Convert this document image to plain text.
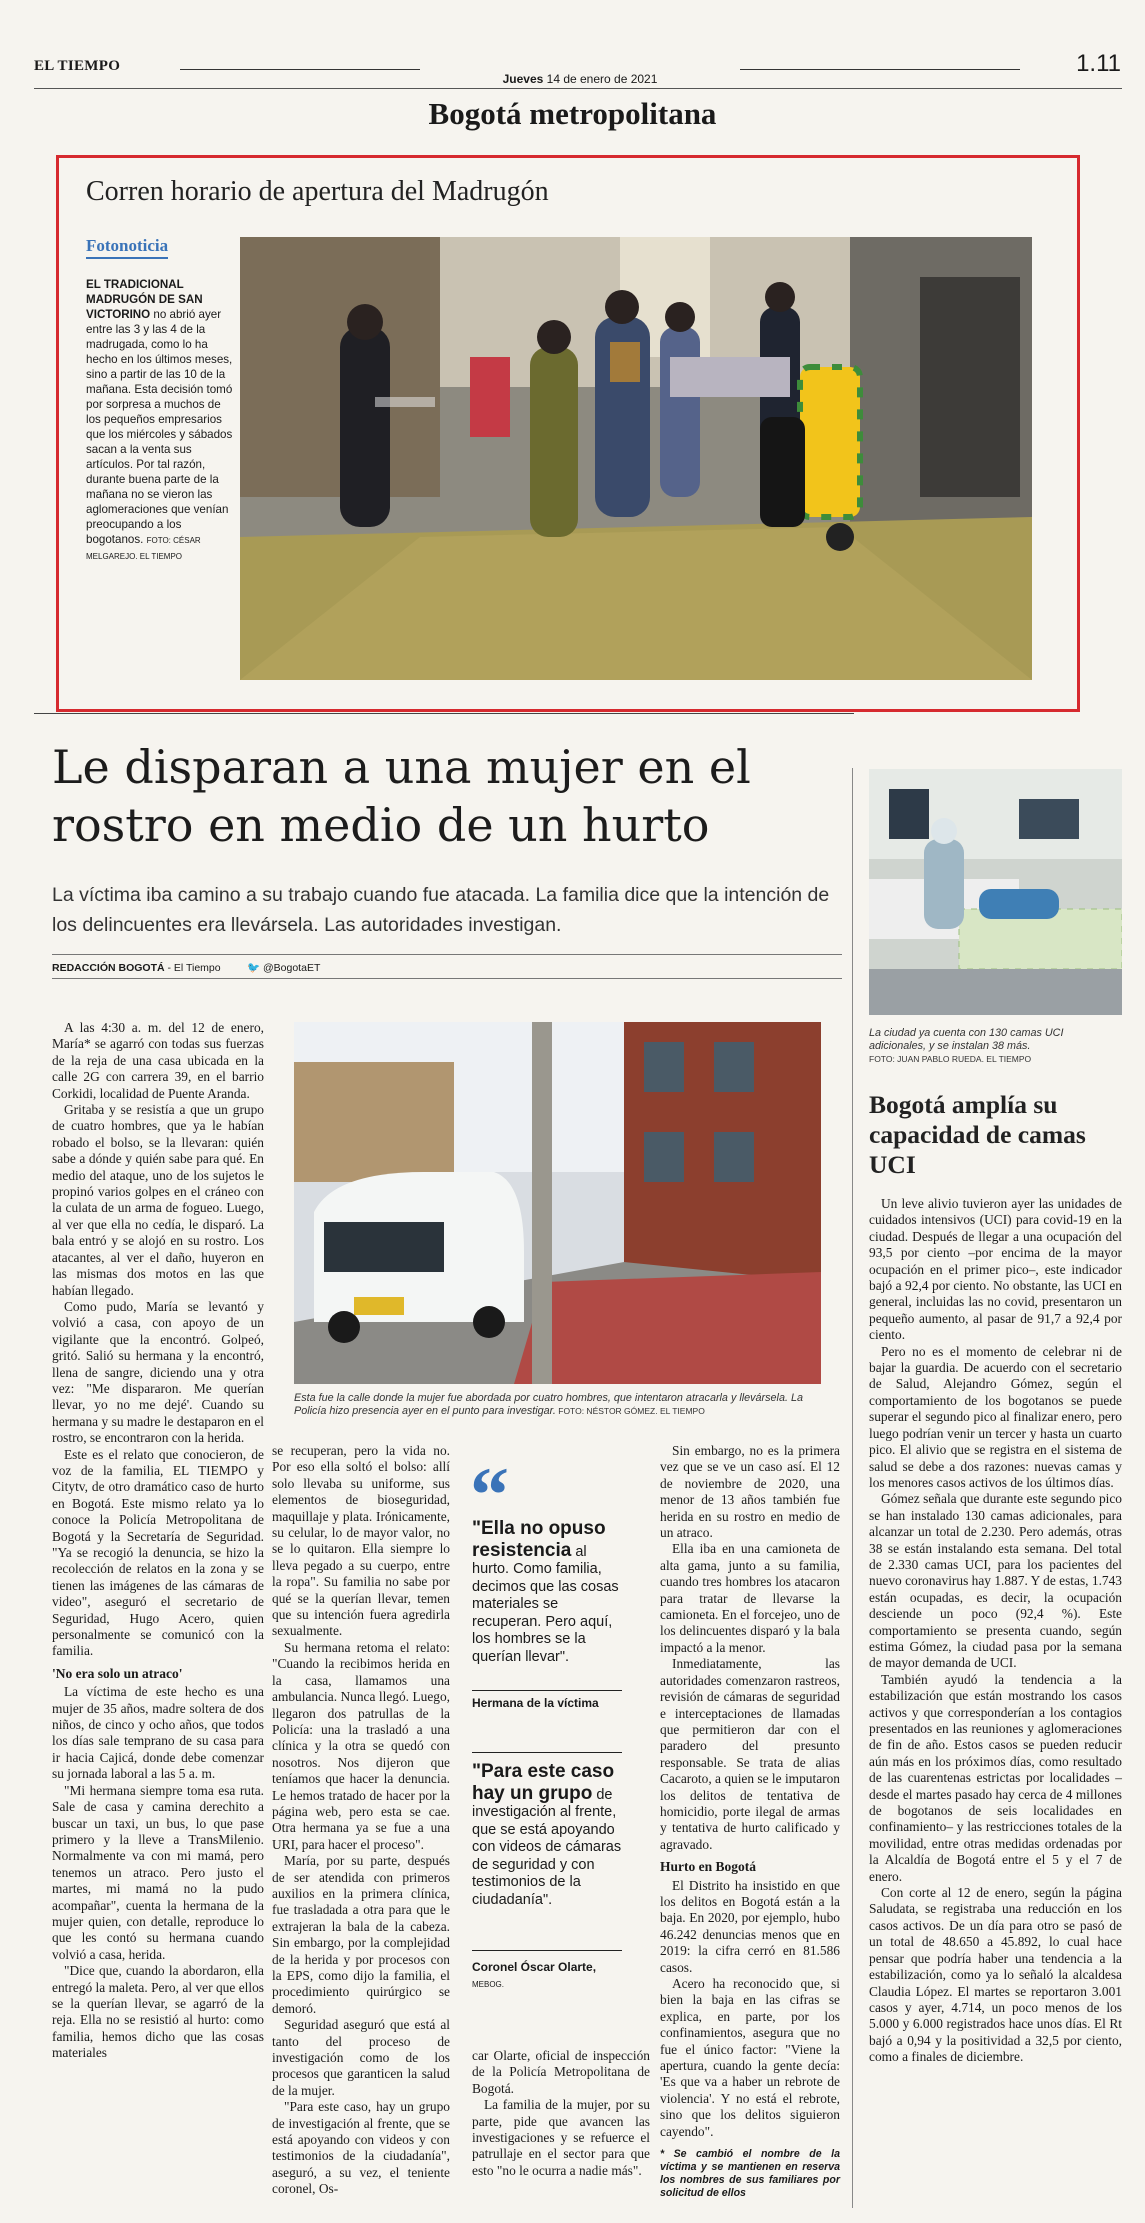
EL TIEMPO
Jueves 14 de enero de 2021
1.11
Bogotá metropolitana
Corren horario de apertura del Madrugón
Fotonoticia
EL TRADICIONAL MADRUGÓN DE SAN VICTORINO no abrió ayer entre las 3 y las 4 de la madrugada, como lo ha hecho en los últimos meses, sino a partir de las 10 de la mañana. Esta decisión tomó por sorpresa a muchos de los pequeños empresarios que los miércoles y sábados sacan a la venta sus artículos. Por tal razón, durante buena parte de la mañana no se vieron las aglomeraciones que venían preocupando a los bogotanos. FOTO: CÉSAR MELGAREJO. EL TIEMPO
Le disparan a una mujer en el rostro en medio de un hurto
La víctima iba camino a su trabajo cuando fue atacada. La familia dice que la intención de los delincuentes era llevársela. Las autoridades investigan.
REDACCIÓN BOGOTÁ - El Tiempo	🐦 @BogotaET

A las 4:30 a. m. del 12 de enero, María* se agarró con todas sus fuerzas de la reja de una casa ubicada en la calle 2G con carrera 39, en el barrio Corkidi, localidad de Puente Aranda.

Gritaba y se resistía a que un grupo de cuatro hombres, que ya le habían robado el bolso, se la llevaran: quién sabe a dónde y quién sabe para qué. En medio del ataque, uno de los sujetos le propinó varios golpes en el cráneo con la culata de un arma de fogueo. Luego, al ver que ella no cedía, le disparó. La bala entró y se alojó en su rostro. Los atacantes, al ver el daño, huyeron en las mismas dos motos en las que habían llegado.

Como pudo, María se levantó y volvió a casa, con apoyo de un vigilante que la encontró. Golpeó, gritó. Salió su hermana y la encontró, llena de sangre, diciendo una y otra vez: "Me dispararon. Me querían llevar, yo no me dejé'. Cuando su hermana y su madre le destaparon en el rostro, se encontraron con la herida.

Este es el relato que conocieron, de voz de la familia, EL TIEMPO y Citytv, de otro dramático caso de hurto en Bogotá. Este mismo relato ya lo conoce la Policía Metropolitana de Bogotá y la Secretaría de Seguridad. "Ya se recogió la denuncia, se hizo la recolección de relatos en la zona y se tienen las imágenes de las cámaras de video", aseguró el secretario de Seguridad, Hugo Acero, quien personalmente se comunicó con la familia.

'No era solo un atraco'

La víctima de este hecho es una mujer de 35 años, madre soltera de dos niños, de cinco y ocho años, que todos los días sale temprano de su casa para ir hacia Cajicá, donde debe comenzar su jornada laboral a las 5 a. m.

"Mi hermana siempre toma esa ruta. Sale de casa y camina derechito a buscar un taxi, un bus, lo que pase primero y la lleve a TransMilenio. Normalmente va con mi mamá, pero tenemos un atraco. Pero justo el martes, mi mamá no la pudo acompañar", cuenta la hermana de la mujer quien, con detalle, reproduce lo que les contó su hermana cuando volvió a casa, herida.

"Dice que, cuando la abordaron, ella entregó la maleta. Pero, al ver que ellos se la querían llevar, se agarró de la reja. Ella no se resistió al hurto: como familia, hemos dicho que las cosas materiales

Esta fue la calle donde la mujer fue abordada por cuatro hombres, que intentaron atracarla y llevársela. La Policía hizo presencia ayer en el punto para investigar. FOTO: NÉSTOR GÓMEZ. EL TIEMPO

se recuperan, pero la vida no. Por eso ella soltó el bolso: allí solo llevaba su uniforme, sus elementos de bioseguridad, maquillaje y plata. Irónicamente, su celular, lo de mayor valor, no se lo quitaron. Ella siempre lo lleva pegado a su cuerpo, entre la ropa". Su familia no sabe por qué se la querían llevar, temen que su intención fuera agredirla sexualmente.

Su hermana retoma el relato: "Cuando la recibimos herida en la casa, llamamos una ambulancia. Nunca llegó. Luego, llegaron dos patrullas de la Policía: una la trasladó a una clínica y la otra se quedó con nosotros. Nos dijeron que teníamos que hacer la denuncia. Le hemos tratado de hacer por la página web, pero esta se cae. Otra hermana ya se fue a una URI, para hacer el proceso".

María, por su parte, después de ser atendida con primeros auxilios en la primera clínica, fue trasladada a otra para que le extrajeran la bala de la cabeza. Sin embargo, por la complejidad de la herida y por procesos con la EPS, como dijo la familia, el procedimiento quirúrgico se demoró.

Seguridad aseguró que está al tanto del proceso de investigación como de los procesos que garanticen la salud de la mujer.

"Para este caso, hay un grupo de investigación al frente, que se está apoyando con videos y con testimonios de la ciudadanía", aseguró, a su vez, el teniente coronel, Os-

“
"Ella no opuso resistencia al hurto. Como familia, decimos que las cosas materiales se recuperan. Pero aquí, los hombres se la querían llevar".
Hermana de la víctima
"Para este caso hay un grupo de investigación al frente, que se está apoyando con videos de cámaras de seguridad y con testimonios de la ciudadanía".
Coronel Óscar Olarte, MEBOG.

car Olarte, oficial de inspección de la Policía Metropolitana de Bogotá.

La familia de la mujer, por su parte, pide que avancen las investigaciones y se refuerce el patrullaje en el sector para que esto "no le ocurra a nadie más".

Sin embargo, no es la primera vez que se ve un caso así. El 12 de noviembre de 2020, una menor de 13 años también fue herida en su rostro en medio de un atraco.

Ella iba en una camioneta de alta gama, junto a su familia, cuando tres hombres los atacaron para tratar de llevarse la camioneta. En el forcejeo, uno de los delincuentes disparó y la bala impactó a la menor.

Inmediatamente, las autoridades comenzaron rastreos, revisión de cámaras de seguridad e interceptaciones de llamadas que permitieron dar con el paradero del presunto responsable. Se trata de alias Cacaroto, a quien se le imputaron los delitos de tentativa de homicidio, porte ilegal de armas y tentativa de hurto calificado y agravado.

Hurto en Bogotá

El Distrito ha insistido en que los delitos en Bogotá están a la baja. En 2020, por ejemplo, hubo 46.242 denuncias menos que en 2019: la cifra cerró en 81.586 casos.

Acero ha reconocido que, si bien la baja en las cifras se explica, en parte, por los confinamientos, asegura que no fue el único factor: "Viene la apertura, cuando la gente decía: 'Es que va a haber un rebrote de violencia'. Y no está el rebrote, sino que los delitos siguieron cayendo".

* Se cambió el nombre de la víctima y se mantienen en reserva los nombres de sus familiares por solicitud de ellos

La ciudad ya cuenta con 130 camas UCI adicionales, y se instalan 38 más.
FOTO: JUAN PABLO RUEDA. EL TIEMPO
Bogotá amplía su capacidad de camas UCI

Un leve alivio tuvieron ayer las unidades de cuidados intensivos (UCI) para covid-19 en la ciudad. Después de llegar a una ocupación del 93,5 por ciento –por encima de la mayor ocupación en el primer pico–, este indicador bajó a 92,4 por ciento. No obstante, las UCI en general, incluidas las no covid, presentaron un pequeño aumento, al pasar de 91,7 a 92,4 por ciento.

Pero no es el momento de celebrar ni de bajar la guardia. De acuerdo con el secretario de Salud, Alejandro Gómez, según el comportamiento de los bogotanos se puede superar el segundo pico al finalizar enero, pero luego podrían venir un tercer y hasta un cuarto pico. El alivio que se registra en el sistema de salud se debe a dos razones: nuevas camas y los menores casos activos de los últimos días.

Gómez señala que durante este segundo pico se han instalado 130 camas adicionales, para alcanzar un total de 2.230. Pero además, otras 38 se están instalando esta semana. Del total de 2.330 camas UCI, para los pacientes del nuevo coronavirus hay 1.887. Y de estas, 1.743 están ocupadas, es decir, la ocupación desciende un poco (92,4 %). Este comportamiento se presenta cuando, según estima Gómez, la ciudad pasa por la semana de mayor demanda de UCI.

También ayudó la tendencia a la estabilización que están mostrando los casos activos y que corresponderían a los contagios presentados en las reuniones y aglomeraciones de fin de año. Estos casos se pueden reducir aún más en los próximos días, como resultado de las cuarentenas estrictas por localidades –desde el martes pasado hay cerca de 4 millones de bogotanos de seis localidades en confinamiento– y las restricciones totales de la movilidad, entre otras medidas ordenadas por la Alcaldía de Bogotá entre el 5 y el 7 de enero.

Con corte al 12 de enero, según la página Saludata, se registraba una reducción en los casos activos. De un día para otro se pasó de un total de 48.650 a 45.892, lo cual hace pensar que podría haber una tendencia a la estabilización, como ya lo señaló la alcaldesa Claudia López. El martes se reportaron 3.001 casos y ayer, 4.714, un poco menos de los 5.000 y 6.000 registrados hace unos días. El Rt bajó a 0,94 y la positividad a 32,5 por ciento, como a finales de diciembre.
